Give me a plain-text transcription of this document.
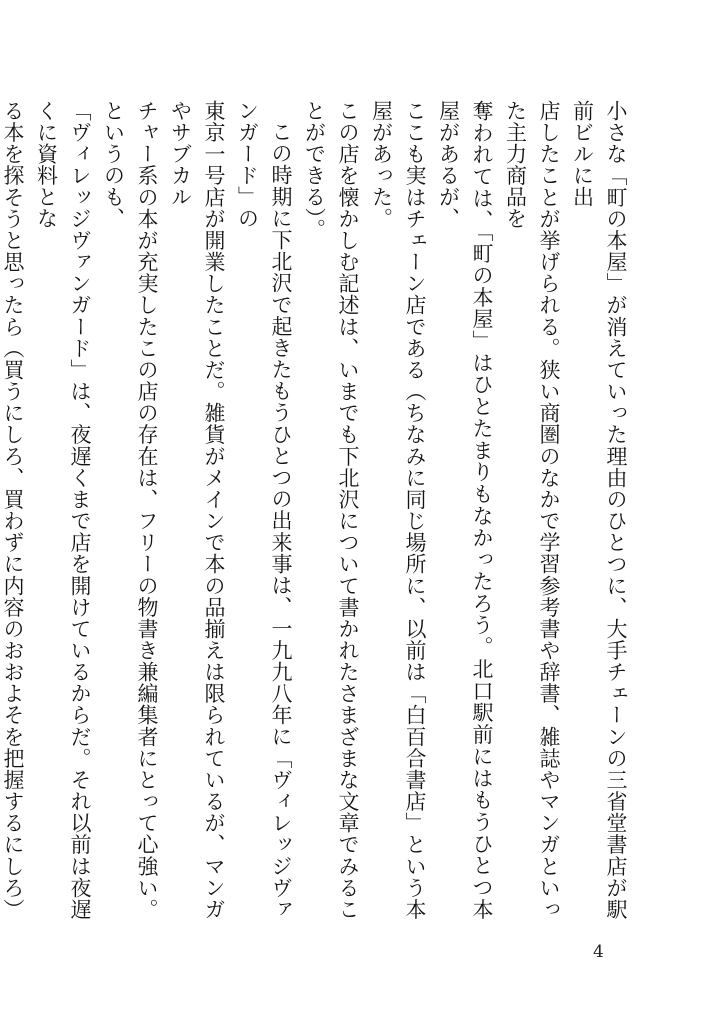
小さな「町の本屋」が消えていった理由のひとつに、大手チェーンの三省堂書店が駅前ビルに出
店したことが挙げられる。狭い商圏のなかで学習参考書や辞書、雑誌やマンガといった主力商品を
奪われては、「町の本屋」はひとたまりもなかったろう。北口駅前にはもうひとつ本屋があるが、
ここも実はチェーン店である（ちなみに同じ場所に、以前は「白百合書店」という本屋があった。
この店を懐かしむ記述は、いまでも下北沢について書かれたさまざまな文章でみることができる）。

この時期に下北沢で起きたもうひとつの出来事は、一九九八年に「ヴィレッジヴァンガード」の
東京一号店が開業したことだ。雑貨がメインで本の品揃えは限られているが、マンガやサブカル
チャー系の本が充実したこの店の存在は、フリーの物書き兼編集者にとって心強い。というのも、
「ヴィレッジヴァンガード」は、夜遅くまで店を開けているからだ。それ以前は夜遅くに資料とな
る本を探そうと思ったら（買うにしろ、買わずに内容のおおよそを把握するにしろ）

4
